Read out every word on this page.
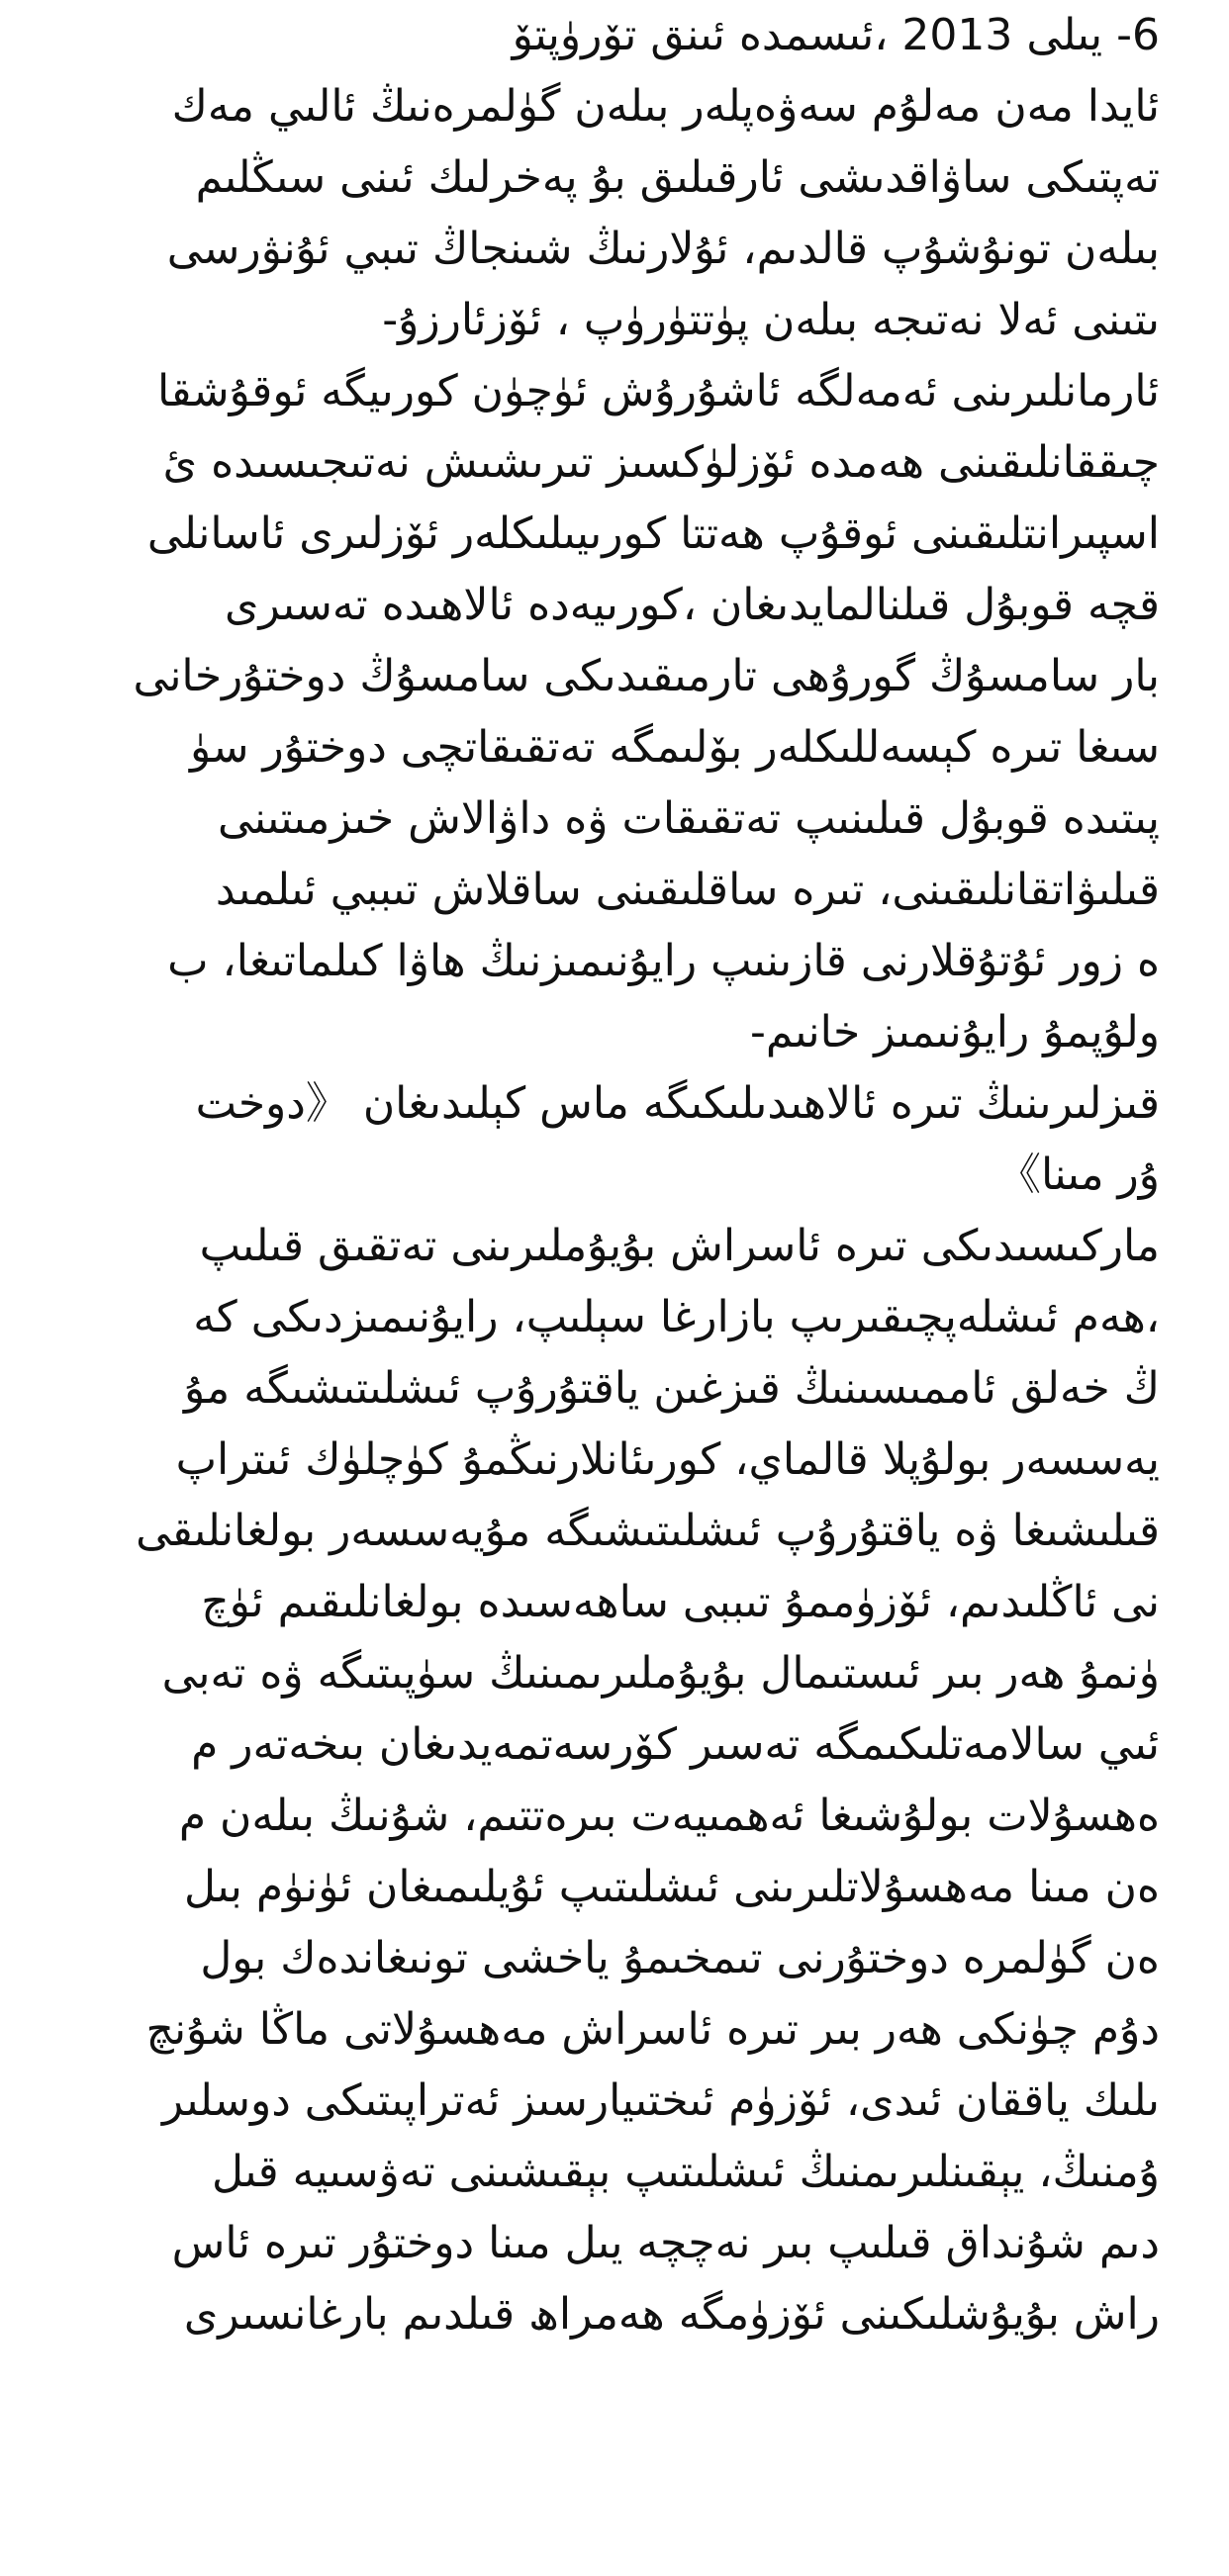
6- يىلى 2013 ،ئىسمدە ئىنق تۆرۈپتۆ
ئايدا مەن مەلۇم سەۋەپلەر بىلەن گۈلمرەنىڭ ئالىي مەك
تەپتىكى ساۋاقدىشى ئارقىلىق بۇ پەخرلىك ئىنى سىڭلىم
بىلەن تونۇشۇپ قالدىم، ئۇلارنىڭ شىنجاڭ تىبي ئۇنۋرسى
ىتىنى ئەلا نەتىجە بىلەن پۈتتۈرۈپ ، ئۆزئارزۇ-
ئارمانلىرىنى ئەمەلگە ئاشۇرۇش ئۈچۈن كورىيگە ئوقۇشقا
چىققانلىقىنى ھەمدە ئۆزلۈكسىز تىرىشىش نەتىجىسىدە ئ
اسپىرانتلىقىنى ئوقۇپ ھەتتا كورىيىلىكلەر ئۆزلىرى ئاسانلى
قچە قوبۇل قىلنالمايدىغان ،كورىيەدە ئالاھىدە تەسىرى
بار سامسۇڭ گورۇھى تارمىقىدىكى سامسۇڭ دوختۇرخانى
سىغا تىرە كېسەللىكلەر بۆلىمگە تەتقىقاتچى دوختۇر سۈ
پىتىدە قوبۇل قىلىنىپ تەتقىقات ۋە داۋالاش خىزمىتىنى
قىلىۋاتقانلىقىنى، تىرە ساقلىقىنى ساقلاش تىببي ئىلمىد
ە زور ئۇتۇقلارنى قازىنىپ رايۇنىمىزنىڭ ھاۋا كىلماتىغا، ب
ولۇپمۇ رايۇنىمىز خانىم-
قىزلىرىنىڭ تىرە ئالاھىدىلىكىگە ماس كېلىدىغان 《دوخت
ۇر مىنا》
ماركىسىدىكى تىرە ئاسراش بۇيۇملىرىنى تەتقىق قىلىپ
،ھەم ئىشلەپچىقىرىپ بازارغا سېلىپ، رايۇنىمىزدىكى كە
ڭ خەلق ئاممىسىنىڭ قىزغىن ياقتۇرۇپ ئىشلىتىشىگە مۇ
يەسسەر بولۇپلا قالماي، كورىئانلارنىڭمۇ كۈچلۈك ئىتراپ
قىلىشىغا ۋە ياقتۇرۇپ ئىشلىتىشىگە مۇيەسسەر بولغانلىقى
نى ئاڭلىدىم، ئۆزۈممۇ تىببى ساھەسىدە بولغانلىقىم ئۈچ
ۈنمۇ ھەر بىر ئىستىمال بۇيۇملىرىمىنىڭ سۈپىتىگە ۋە تەبى
ئىي سالامەتلىكىمگە تەسىر كۆرسەتمەيدىغان بىخەتەر م
ەھسۇلات بولۇشىغا ئەھمىيەت بىرەتتىم، شۇنىڭ بىلەن م
ەن مىنا مەھسۇلاتلىرىنى ئىشلىتىپ ئۇيلىمىغان ئۈنۈم بىل
ەن گۈلمرە دوختۇرنى تىمخىمۇ ياخشى تونىغاندەك بول
دۇم چۈنكى ھەر بىر تىرە ئاسراش مەھسۇلاتى ماڭا شۇنچ
ىلىك ياققان ئىدى، ئۆزۈم ئىختىيارسىز ئەتراپىتىكى دوسلىر
ۇمنىڭ، يېقىنلىرىمنىڭ ئىشلىتىپ بېقىشىنى تەۋسىيە قىل
دىم شۇنداق قىلىپ بىر نەچچە يىل مىنا دوختۇر تىرە ئاس
راش بۇيۇشلىكىنى ئۆزۈمگە ھەمراھ قىلدىم بارغانسىرى
